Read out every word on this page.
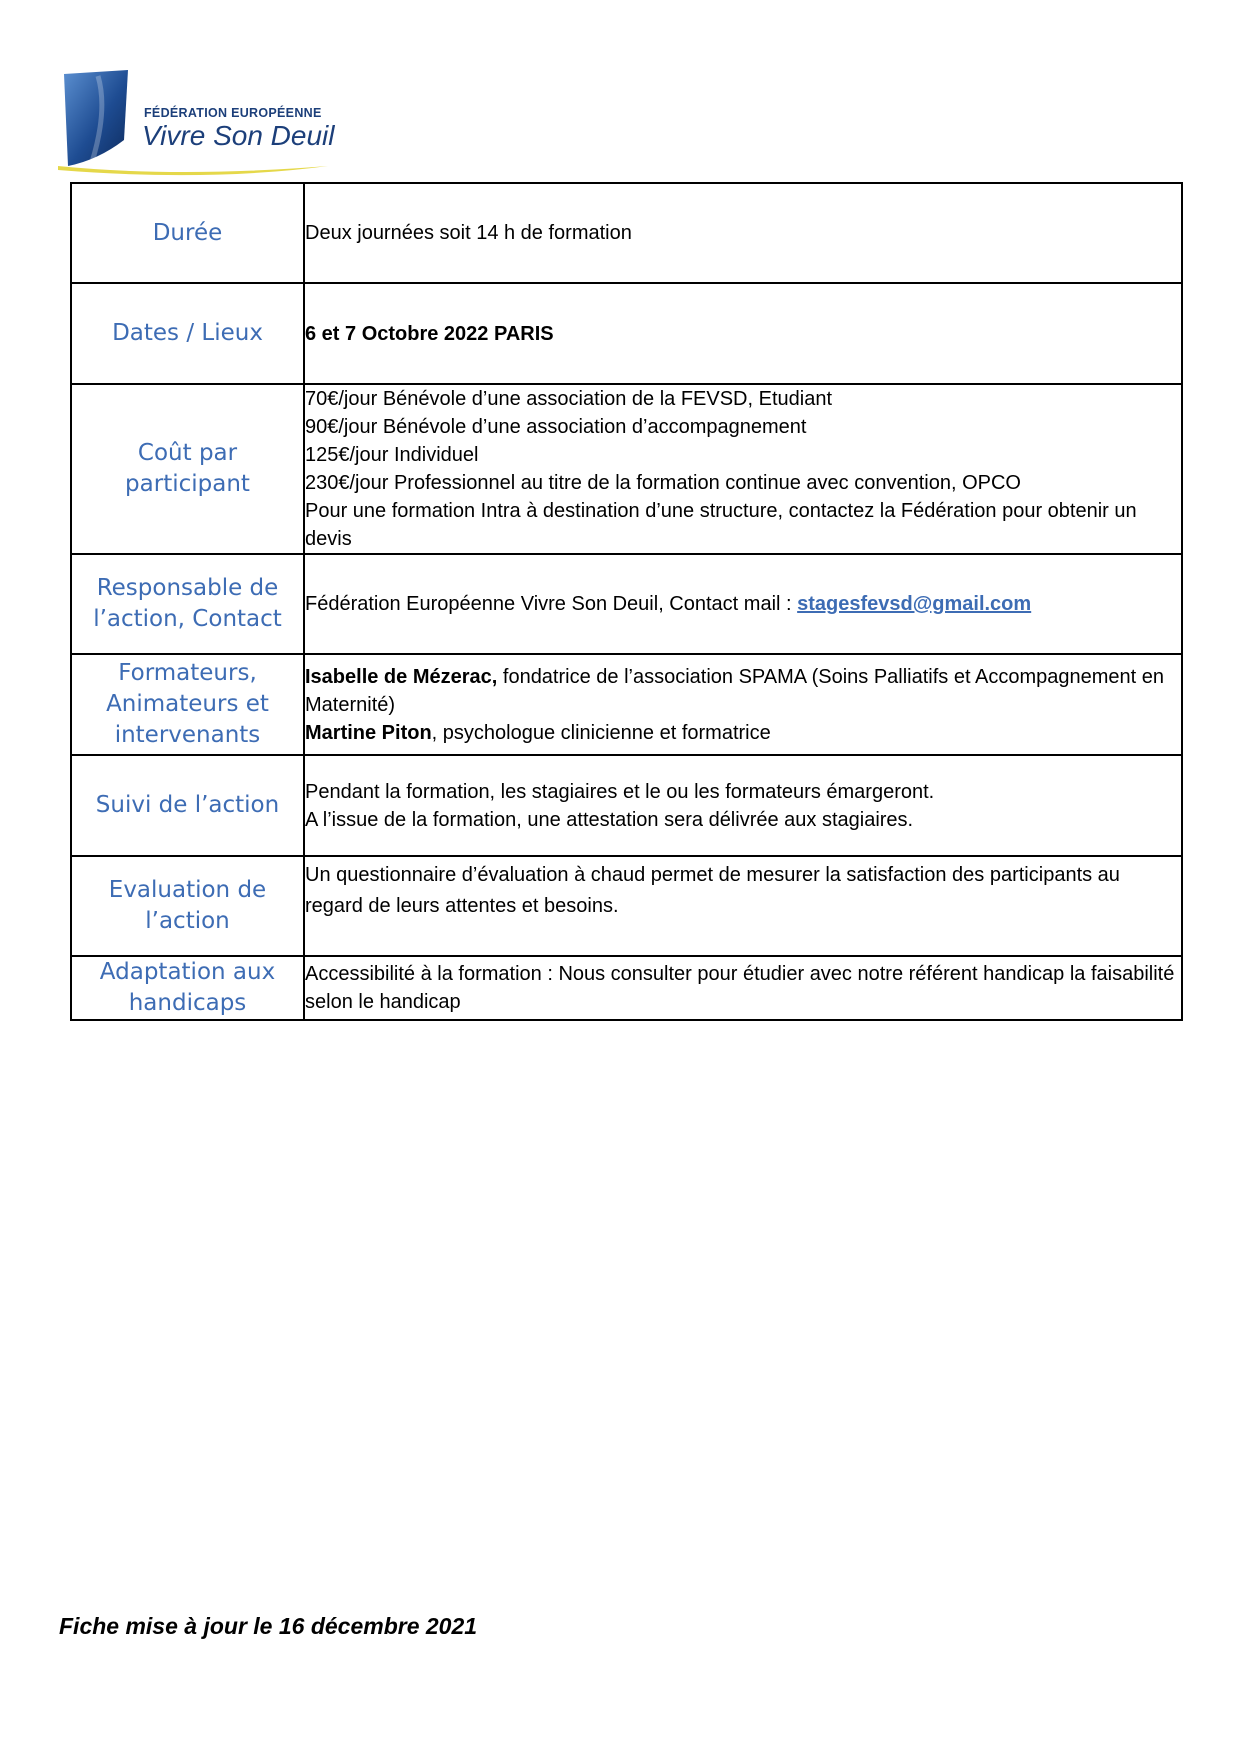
FÉDÉRATION EUROPÉENNE
Vivre Son Deuil
Durée	Deux journées soit 14 h de formation
Dates / Lieux	6 et 7 Octobre 2022 PARIS
Coût par participant	70€/jour Bénévole d’une association de la FEVSD, Etudiant
90€/jour Bénévole d’une association d’accompagnement
125€/jour Individuel
230€/jour Professionnel au titre de la formation continue avec convention, OPCO
Pour une formation Intra à destination d’une structure, contactez la Fédération pour obtenir un devis

Responsable de l’action, Contact	Fédération Européenne Vivre Son Deuil, Contact mail : stagesfevsd@gmail.com
Formateurs, Animateurs et intervenants	Isabelle de Mézerac, fondatrice de l’association SPAMA (Soins Palliatifs et Accompagnement en Maternité)
Martine Piton, psychologue clinicienne et formatrice

Suivi de l’action	Pendant la formation, les stagiaires et le ou les formateurs émargeront.
A l’issue de la formation, une attestation sera délivrée aux stagiaires.

Evaluation de l’action	Un questionnaire d’évaluation à chaud permet de mesurer la satisfaction des participants au regard de leurs attentes et besoins.
Adaptation aux handicaps	Accessibilité à la formation : Nous consulter pour étudier avec notre référent handicap la faisabilité selon le handicap
Fiche mise à jour le 16 décembre 2021
